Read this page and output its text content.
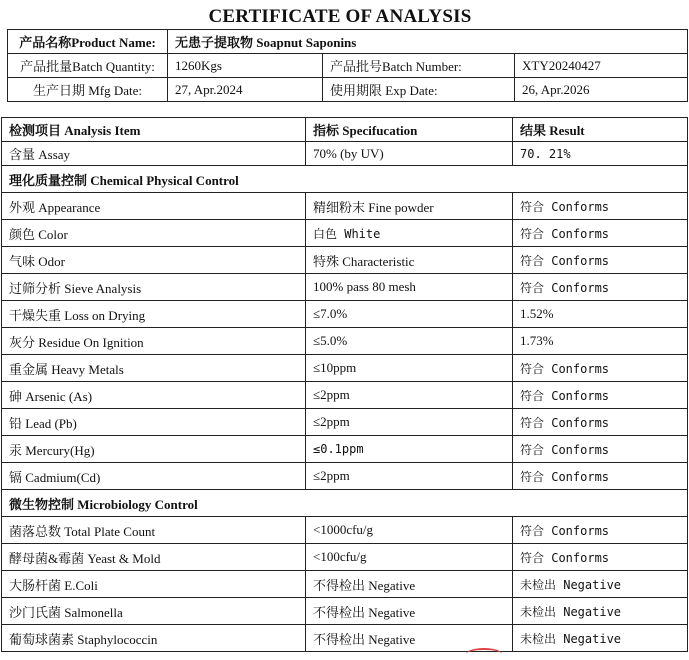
CERTIFICATE OF ANALYSIS
产品名称Product Name:	无患子提取物 Soapnut Saponins		
产品批量Batch Quantity:	1260Kgs	产品批号Batch Number:	XTY20240427
生产日期 Mfg Date:	27, Apr.2024	使用期限 Exp Date:	26, Apr.2026
检测项目 Analysis Item	指标 Specifucation	结果 Result
含量 Assay	70% (by UV)	70. 21%
理化质量控制 Chemical Physical Control		
外观 Appearance	精细粉末 Fine powder	符合 Conforms
颜色 Color	白色 White	符合 Conforms
气味 Odor	特殊 Characteristic	符合 Conforms
过筛分析 Sieve Analysis	100% pass 80 mesh	符合 Conforms
干燥失重 Loss on Drying	≤7.0%	1.52%
灰分 Residue On Ignition	≤5.0%	1.73%
重金属 Heavy Metals	≤10ppm	符合 Conforms
砷 Arsenic (As)	≤2ppm	符合 Conforms
铅 Lead (Pb)	≤2ppm	符合 Conforms
汞 Mercury(Hg)	≤0.1ppm	符合 Conforms
镉 Cadmium(Cd)	≤2ppm	符合 Conforms
微生物控制 Microbiology Control		
菌落总数 Total Plate Count	<1000cfu/g	符合 Conforms
酵母菌&霉菌 Yeast & Mold	<100cfu/g	符合 Conforms
大肠杆菌 E.Coli	不得检出 Negative	未检出 Negative
沙门氏菌 Salmonella	不得检出 Negative	未检出 Negative
葡萄球菌素 Staphylococcin	不得检出 Negative	未检出 Negative
